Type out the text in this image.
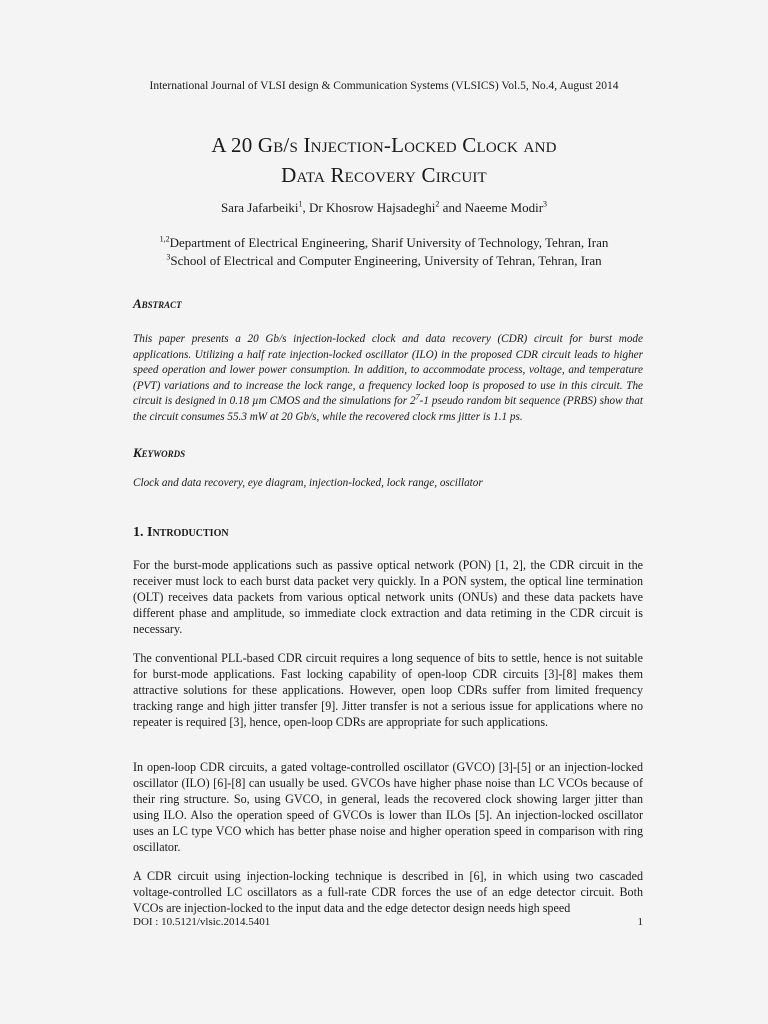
International Journal of VLSI design & Communication Systems (VLSICS) Vol.5, No.4, August 2014
A 20 Gb/s Injection-Locked Clock and
Data Recovery Circuit
Sara Jafarbeiki$^1$, Dr Khosrow Hajsadeghi$^2$ and Naeeme Modir$^3$
$^{1,2}$Department of Electrical Engineering, Sharif University of Technology, Tehran, Iran
$^3$School of Electrical and Computer Engineering, University of Tehran, Tehran, Iran
Abstract
This paper presents a 20 Gb/s injection-locked clock and data recovery (CDR) circuit for burst mode applications. Utilizing a half rate injection-locked oscillator (ILO) in the proposed CDR circuit leads to higher speed operation and lower power consumption. In addition, to accommodate process, voltage, and temperature (PVT) variations and to increase the lock range, a frequency locked loop is proposed to use in this circuit. The circuit is designed in 0.18 µm CMOS and the simulations for $2^7-1$ pseudo random bit sequence (PRBS) show that the circuit consumes 55.3 mW at 20 Gb/s, while the recovered clock rms jitter is 1.1 ps.
Keywords
Clock and data recovery, eye diagram, injection-locked, lock range, oscillator
1. Introduction
For the burst-mode applications such as passive optical network (PON) [1, 2], the CDR circuit in the receiver must lock to each burst data packet very quickly. In a PON system, the optical line termination (OLT) receives data packets from various optical network units (ONUs) and these data packets have different phase and amplitude, so immediate clock extraction and data retiming in the CDR circuit is necessary.
The conventional PLL-based CDR circuit requires a long sequence of bits to settle, hence is not suitable for burst-mode applications. Fast locking capability of open-loop CDR circuits [3]-[8] makes them attractive solutions for these applications. However, open loop CDRs suffer from limited frequency tracking range and high jitter transfer [9]. Jitter transfer is not a serious issue for applications where no repeater is required [3], hence, open-loop CDRs are appropriate for such applications.
In open-loop CDR circuits, a gated voltage-controlled oscillator (GVCO) [3]-[5] or an injection-locked oscillator (ILO) [6]-[8] can usually be used. GVCOs have higher phase noise than LC VCOs because of their ring structure. So, using GVCO, in general, leads the recovered clock showing larger jitter than using ILO. Also the operation speed of GVCOs is lower than ILOs [5]. An injection-locked oscillator uses an LC type VCO which has better phase noise and higher operation speed in comparison with ring oscillator.
A CDR circuit using injection-locking technique is described in [6], in which using two cascaded voltage-controlled LC oscillators as a full-rate CDR forces the use of an edge detector circuit. Both VCOs are injection-locked to the input data and the edge detector design needs high speed
DOI : 10.5121/vlsic.2014.5401	1
